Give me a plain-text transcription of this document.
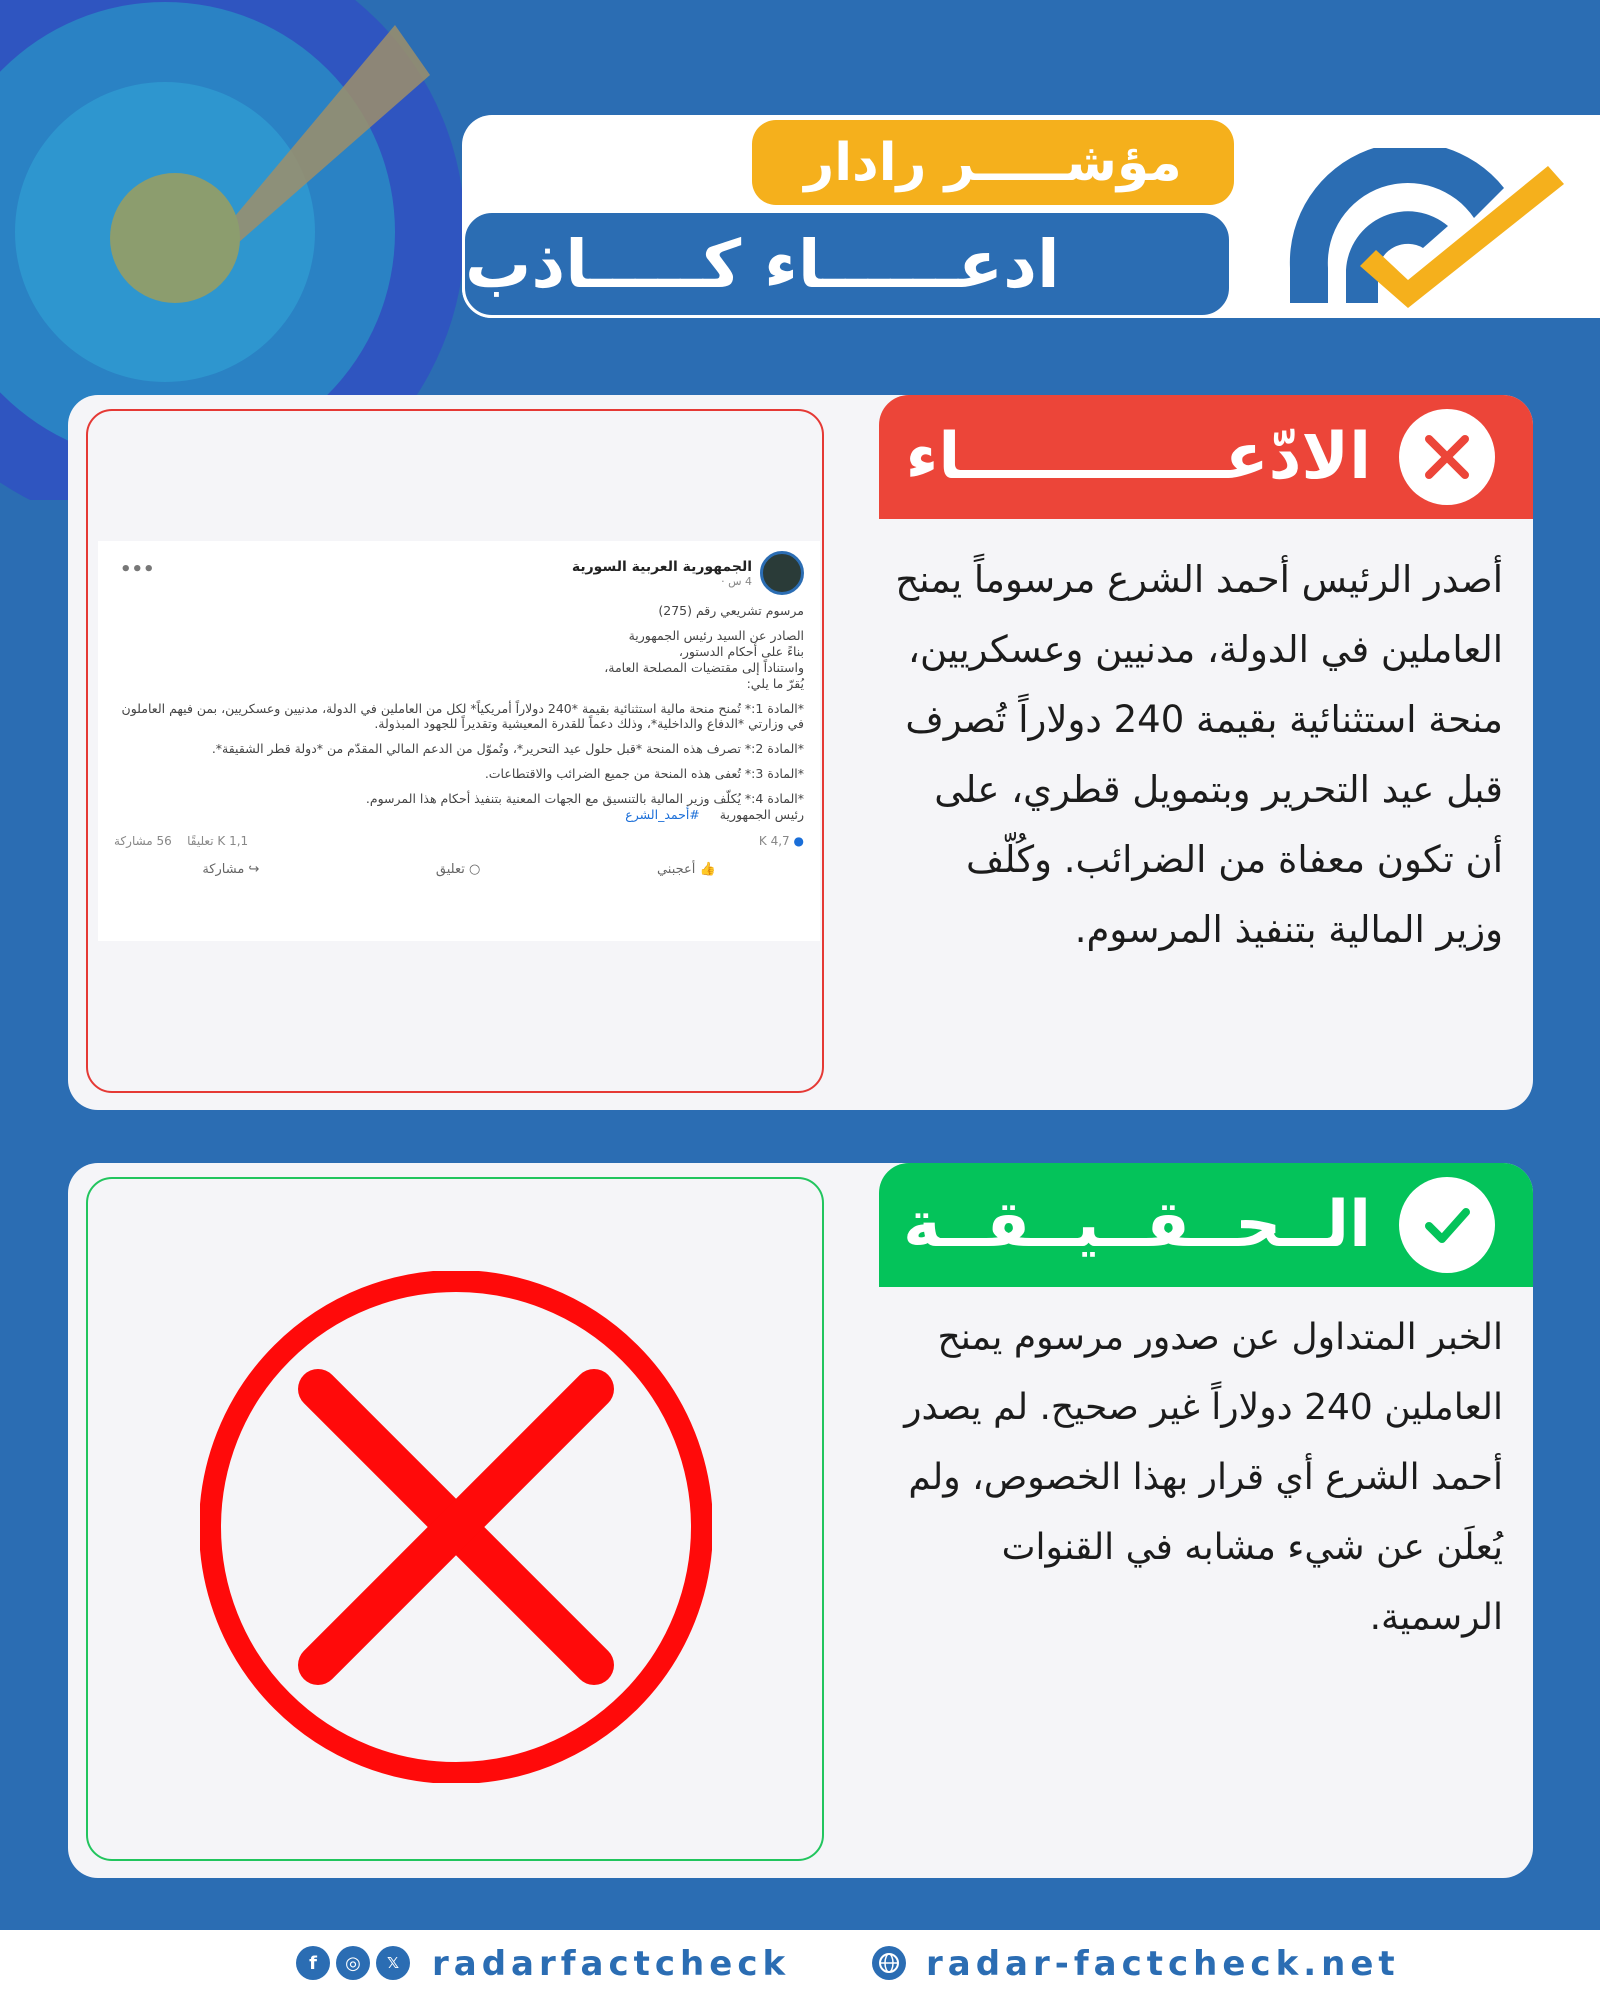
مؤشـــــر رادار
ادعــــــاء كـــــاذب
الجمهورية العربية السورية
4 س ·
•••
مرسوم تشريعي رقم (275)
الصادر عن السيد رئيس الجمهورية
بناءً على أحكام الدستور،
واستناداً إلى مقتضيات المصلحة العامة،
يُقرّ ما يلي:
*المادة 1:* تُمنح منحة مالية استثنائية بقيمة *240 دولاراً أمريكياً* لكل من العاملين في الدولة، مدنيين وعسكريين، بمن فيهم العاملون في وزارتي *الدفاع والداخلية*، وذلك دعماً للقدرة المعيشية وتقديراً للجهود المبذولة.
*المادة 2:* تصرف هذه المنحة *قبل حلول عيد التحرير*، وتُموّل من الدعم المالي المقدّم من *دولة قطر الشقيقة*.
*المادة 3:* تُعفى هذه المنحة من جميع الضرائب والاقتطاعات.
*المادة 4:* يُكلّف وزير المالية بالتنسيق مع الجهات المعنية بتنفيذ أحكام هذا المرسوم.
رئيس الجمهورية
#أحمد_الشرع
● 4,7 K
1,1 K تعليقًا    56 مشاركة
👍 أعجبني
○ تعليق
↪ مشاركة
الادّعــــــــــــاء
أصدر الرئيس أحمد الشرع مرسوماً يمنح العاملين في الدولة، مدنيين وعسكريين، منحة استثنائية بقيمة 240 دولاراً تُصرف قبل عيد التحرير وبتمويل قطري، على أن تكون معفاة من الضرائب. وكُلّف وزير المالية بتنفيذ المرسوم.
الــحــقــيــقــة
الخبر المتداول عن صدور مرسوم يمنح العاملين 240 دولاراً غير صحيح. لم يصدر أحمد الشرع أي قرار بهذا الخصوص، ولم يُعلَن عن شيء مشابه في القنوات الرسمية.
f	◎	𝕏 radarfactcheck	radar-factcheck.net
